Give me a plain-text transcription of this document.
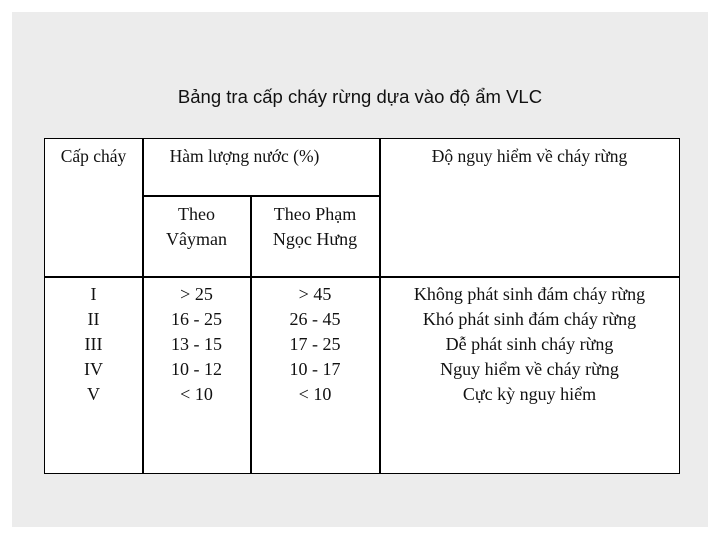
Bảng tra cấp cháy rừng dựa vào độ ẩm VLC
Cấp cháy	Hàm lượng nước (%)	Độ nguy hiểm về cháy rừng
Theo
Vâyman
Theo Phạm
Ngọc Hưng
I
II
III
IV
V
> 25
16 - 25
13 - 15
10 - 12
< 10
> 45
26 - 45
17 - 25
10 - 17
< 10
Không phát sinh đám cháy rừng
Khó phát sinh đám cháy rừng
Dễ phát sinh cháy rừng
Nguy hiểm về cháy rừng
Cực kỳ nguy hiểm
